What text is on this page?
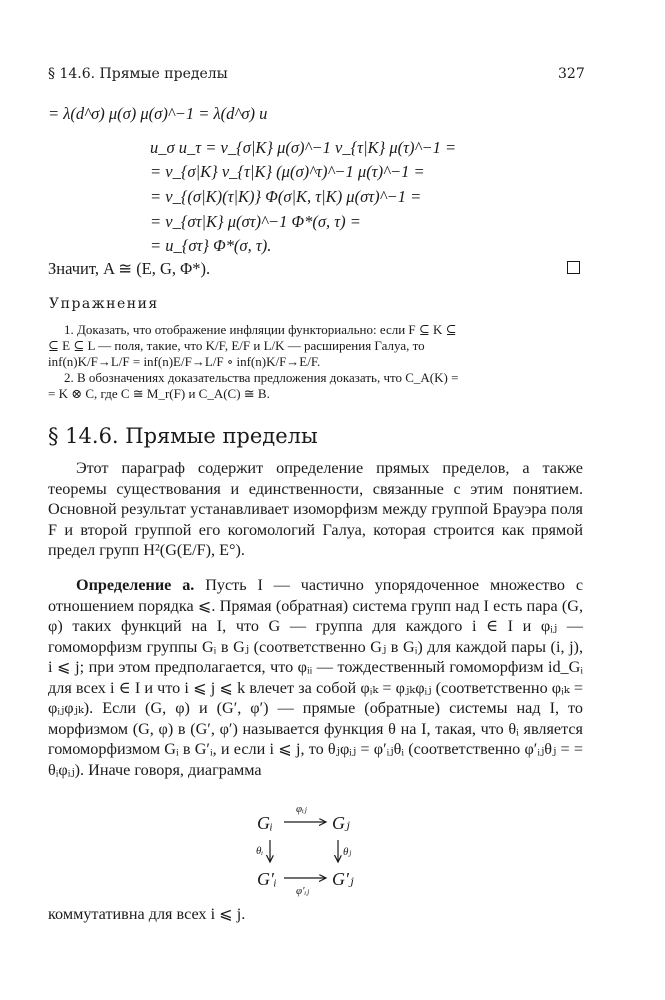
§ 14.6. Прямые пределы	327
= λ(d^σ) μ(σ) μ(σ)^−1 = λ(d^σ) и
u_σ u_τ = v_{σ|K} μ(σ)^−1 v_{τ|K} μ(τ)^−1 =
= v_{σ|K} v_{τ|K} (μ(σ)^τ)^−1 μ(τ)^−1 =
= v_{(σ|K)(τ|K)} Φ(σ|K, τ|K) μ(στ)^−1 =
= v_{στ|K} μ(στ)^−1 Φ*(σ, τ) =
= u_{στ} Φ*(σ, τ).
Значит, A ≅ (E, G, Φ*).
Упражнения
1. Доказать, что отображение инфляции функториально: если F ⊆ K ⊆
⊆ E ⊆ L — поля, такие, что K/F, E/F и L/K — расширения Галуа, то
inf(n)K/F→L/F = inf(n)E/F→L/F ∘ inf(n)K/F→E/F.
2. В обозначениях доказательства предложения доказать, что C_A(K) =
= K ⊗ C, где C ≅ M_r(F) и C_A(C) ≅ B.
§ 14.6. Прямые пределы

Этот параграф содержит определение прямых пределов, а также теоремы существования и единственности, связанные с этим понятием. Основной результат устанавливает изоморфизм между группой Брауэра поля F и второй группой его когомологий Галуа, которая строится как прямой предел групп H²(G(E/F), E°).

Определение а. Пусть I — частично упорядоченное множество с отношением порядка ⩽. Прямая (обратная) система групп над I есть пара (G, φ) таких функций на I, что G — группа для каждого i ∈ I и φᵢⱼ — гомоморфизм группы Gᵢ в Gⱼ (соответственно Gⱼ в Gᵢ) для каждой пары (i, j), i ⩽ j; при этом предполагается, что φᵢᵢ — тождественный гомоморфизм id_Gᵢ для всех i ∈ I и что i ⩽ j ⩽ k влечет за собой φᵢₖ = φⱼₖφᵢⱼ (соответственно φᵢₖ = φᵢⱼφⱼₖ). Если (G, φ) и (G′, φ′) — прямые (обратные) системы над I, то морфизмом (G, φ) в (G′, φ′) называется функция θ на I, такая, что θᵢ является гомоморфизмом Gᵢ в G′ᵢ, и если i ⩽ j, то θⱼφᵢⱼ = φ′ᵢⱼθᵢ (соответственно φ′ᵢⱼθⱼ = = θᵢφᵢⱼ). Иначе говоря, диаграмма

Gᵢ	Gⱼ
G′ᵢ	G′ⱼ
φᵢⱼ
φ′ᵢⱼ
θᵢ	θⱼ
коммутативна для всех i ⩽ j.
